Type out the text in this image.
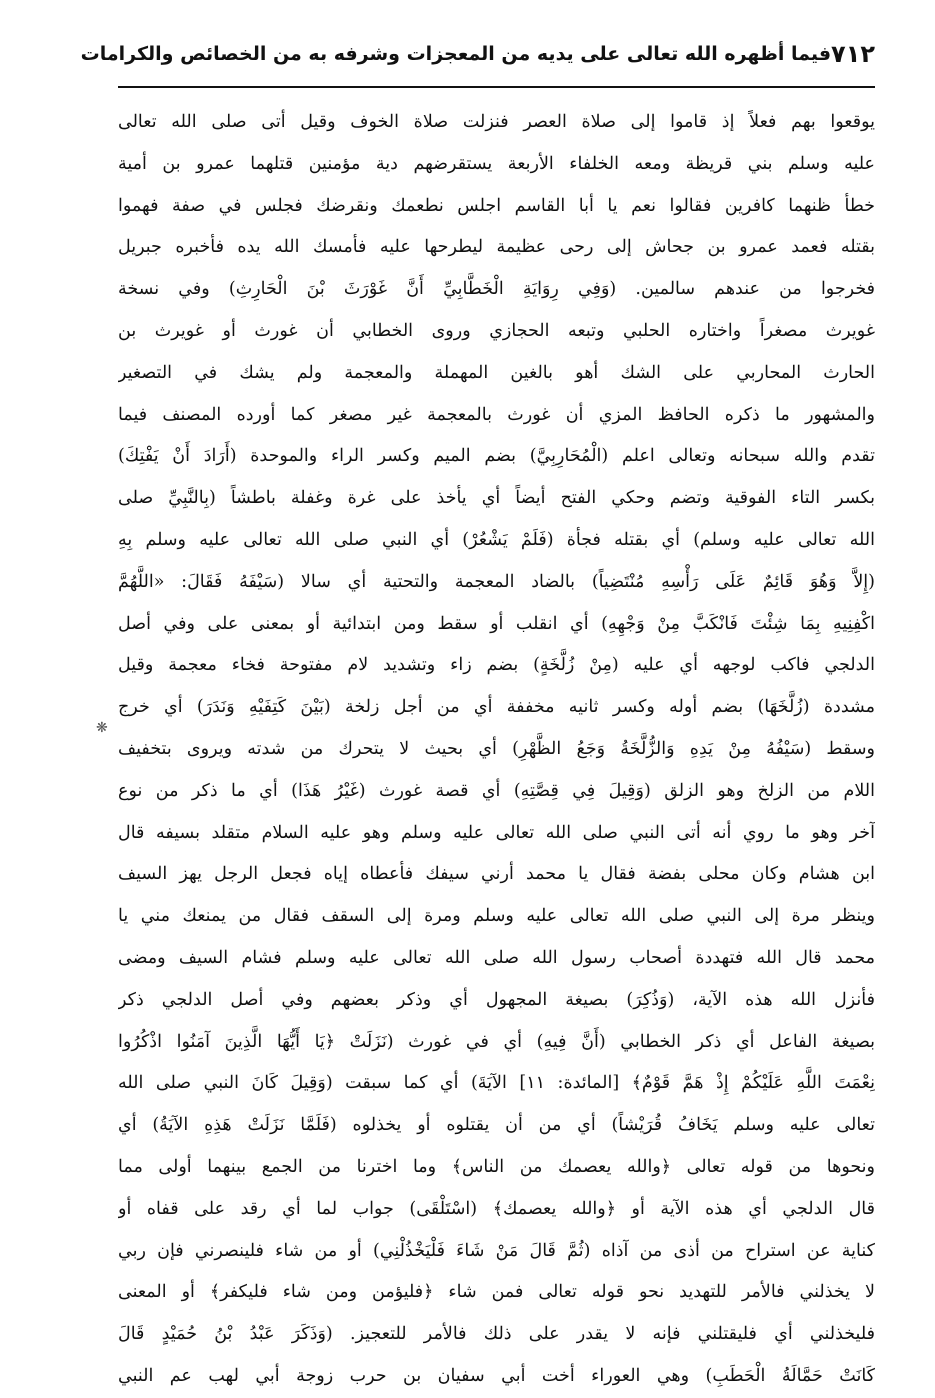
٧١٢
فيما أظهره الله تعالى على يديه من المعجزات وشرفه به من الخصائص والكرامات
يوقعوا بهم فعلاً إذ قاموا إلى صلاة العصر فنزلت صلاة الخوف وقيل أتى صلى الله تعالى
عليه وسلم بني قريظة ومعه الخلفاء الأربعة يستقرضهم دية مؤمنين قتلهما عمرو بن أمية
خطأ ظنهما كافرين فقالوا نعم يا أبا القاسم اجلس نطعمك ونقرضك فجلس في صفة فهموا
بقتله فعمد عمرو بن جحاش إلى رحى عظيمة ليطرحها عليه فأمسك الله يده فأخبره جبريل
فخرجوا من عندهم سالمين. (وَفِي رِوَايَةِ الْخَطَّابِيِّ أَنَّ غَوْرَثَ بْنَ الْحَارِثِ) وفي نسخة
غويرث مصغراً واختاره الحلبي وتبعه الحجازي وروى الخطابي أن غورث أو غويرث بن
الحارث المحاربي على الشك أهو بالغين المهملة والمعجمة ولم يشك في التصغير
والمشهور ما ذكره الحافظ المزي أن غورث بالمعجمة غير مصغر كما أورده المصنف فيما
تقدم والله سبحانه وتعالى اعلم (الْمُحَارِبِيَّ) بضم الميم وكسر الراء والموحدة (أَرَادَ أَنْ يَفْتِكَ)
بكسر التاء الفوقية وتضم وحكي الفتح أيضاً أي يأخذ على غرة وغفلة باطشاً (بِالنَّبِيِّ صلى
الله تعالى عليه وسلم) أي بقتله فجأة (فَلَمْ يَشْعُرْ) أي النبي صلى الله تعالى عليه وسلم بِهِ
(إِلاَّ وَهُوَ قَائِمٌ عَلَى رَأْسِهِ مُنْتَضِياً) بالضاد المعجمة والتحتية أي سالا (سَيْفَهُ فَقَالَ: «اللَّهُمَّ
اكْفِنِيهِ بِمَا شِئْتَ فَانْكَبَّ مِنْ وَجْهِهِ) أي انقلب أو سقط ومن ابتدائية أو بمعنى على وفي أصل
الدلجي فاكب لوجهه أي عليه (مِنْ زُلَّخَةٍ) بضم زاء وتشديد لام مفتوحة فخاء معجمة وقيل
مشددة (زُلَّخَهَا) بضم أوله وكسر ثانيه مخففة أي من أجل زلخة (بَيْنَ كَتِفَيْهِ وَنَدَرَ) أي خرج
وسقط (سَيْفُهُ مِنْ يَدِهِ وَالزُّلَّخَةُ وَجَعُ الظَّهْرِ) أي بحيث لا يتحرك من شدته ويروى بتخفيف
اللام من الزلخ وهو الزلق (وَقِيلَ فِي قِصَّتِهِ) أي قصة غورث (غَيْرُ هَذَا) أي ما ذكر من نوع
آخر وهو ما روي أنه أتى النبي صلى الله تعالى عليه وسلم وهو عليه السلام متقلد بسيفه قال
ابن هشام وكان محلى بفضة فقال يا محمد أرني سيفك فأعطاه إياه فجعل الرجل يهز السيف
وينظر مرة إلى النبي صلى الله تعالى عليه وسلم ومرة إلى السقف فقال من يمنعك مني يا
محمد قال الله فتهددة أصحاب رسول الله صلى الله تعالى عليه وسلم فشام السيف ومضى
فأنزل الله هذه الآية، (وَذُكِرَ) بصيغة المجهول أي وذكر بعضهم وفي أصل الدلجي ذكر
بصيغة الفاعل أي ذكر الخطابي (أَنَّ فِيهِ) أي في غورث (نَزَلَتْ ﴿يَا أَيُّهَا الَّذِينَ آمَنُوا اذْكُرُوا
نِعْمَتَ اللَّهِ عَلَيْكُمْ إِذْ هَمَّ قَوْمٌ﴾ [المائدة: ١١] الآيَةَ) أي كما سبقت (وَقِيلَ كَانَ النبي صلى الله
تعالى عليه وسلم يَخَافُ قُرَيْشاً) أي من أن يقتلوه أو يخذلوه (فَلَمَّا نَزَلَتْ هَذِهِ الآيَةُ) أي
ونحوها من قوله تعالى ﴿والله يعصمك من الناس﴾ وما اخترنا من الجمع بينهما أولى مما
قال الدلجي أي هذه الآية أو ﴿والله يعصمك﴾ (اسْتَلْقَى) جواب لما أي رقد على قفاه أو
كناية عن استراح من أذى من آذاه (ثُمَّ قَالَ مَنْ شَاءَ فَلْيَخْذُلْنِي) أو من شاء فلينصرني فإن ربي
لا يخذلني فالأمر للتهديد نحو قوله تعالى فمن شاء ﴿فليؤمن ومن شاء فليكفر﴾ أو المعنى
فليخذلني أي فليقتلني فإنه لا يقدر على ذلك فالأمر للتعجيز. (وَذَكَرَ عَبْدُ بْنُ حُمَيْدٍ قَالَ
كَانَتْ حَمَّالَةُ الْحَطَبِ) وهي العوراء أخت أبي سفيان بن حرب زوجة أبي لهب عم النبي
❋
